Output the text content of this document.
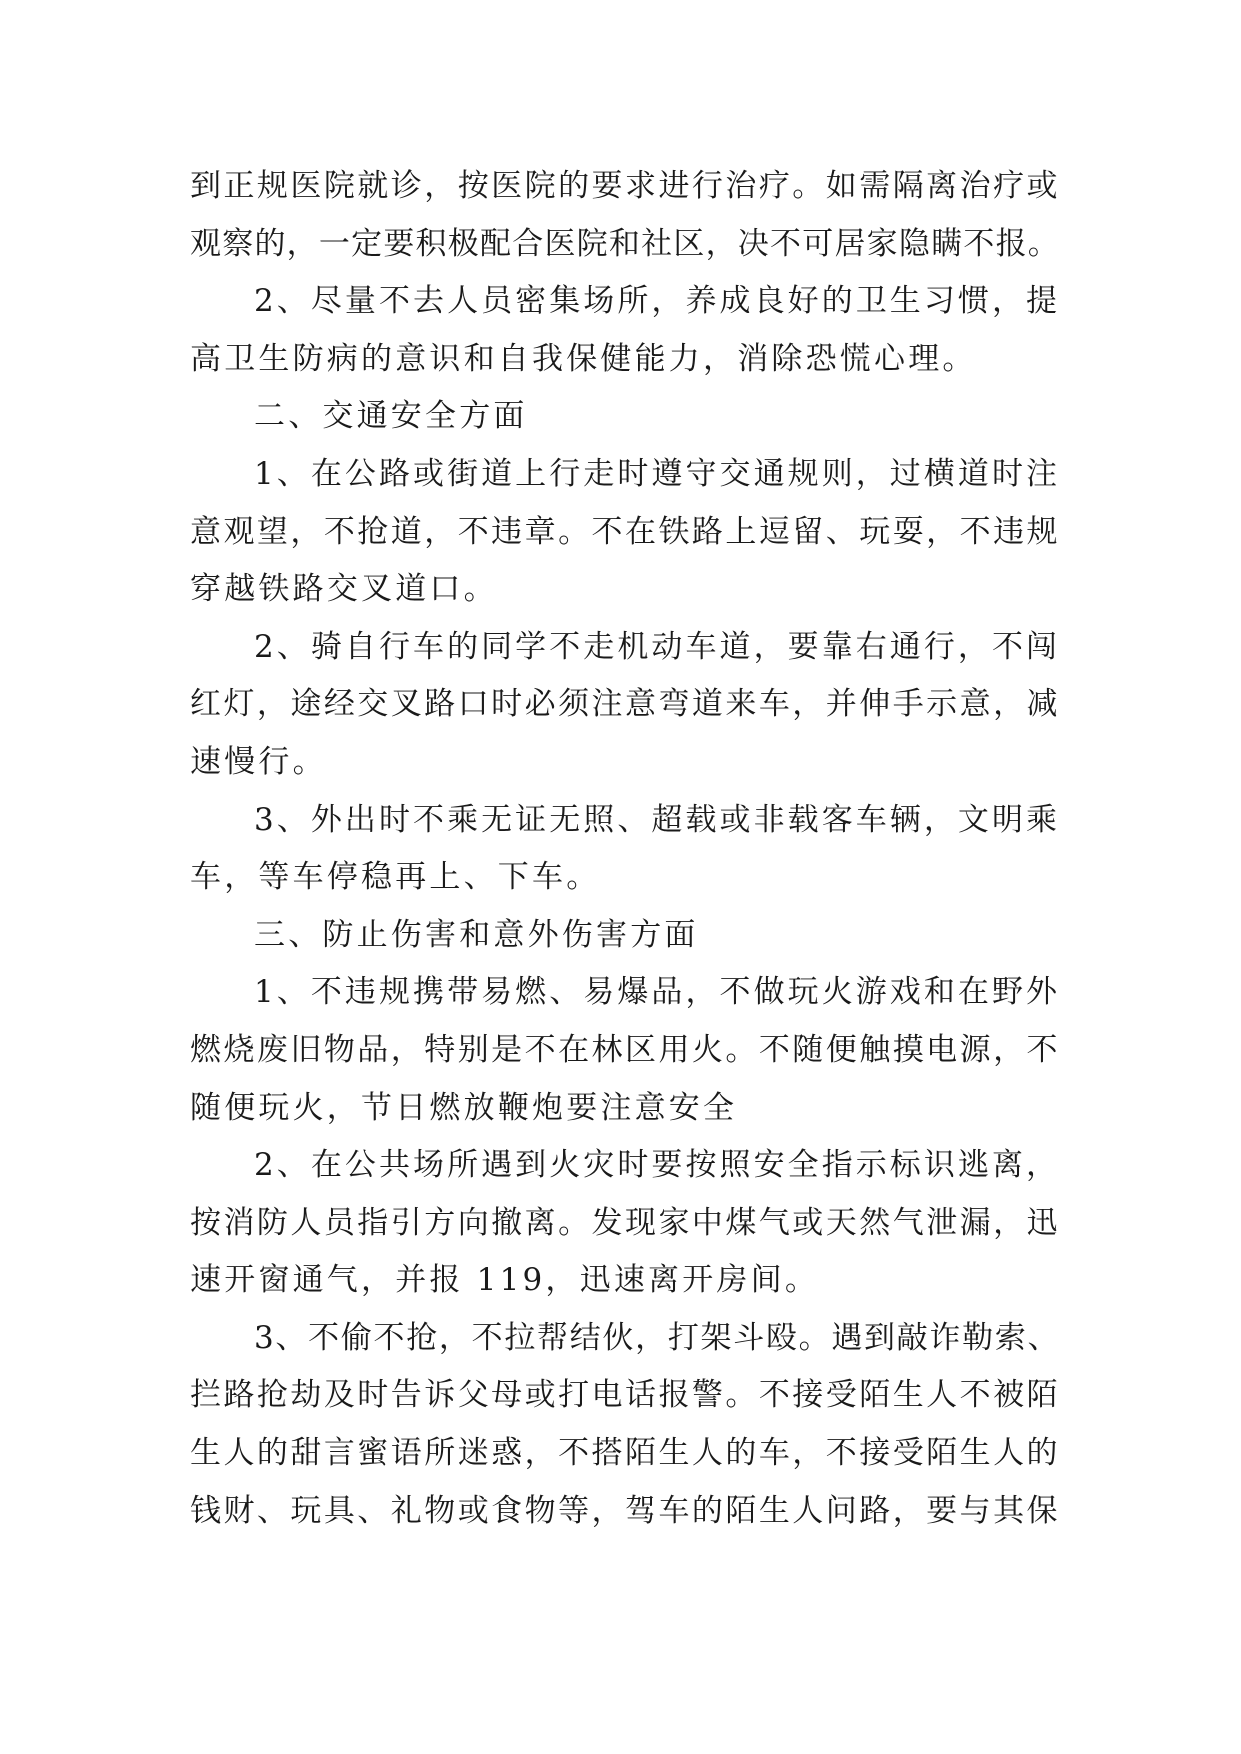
到正规医院就诊，按医院的要求进行治疗。如需隔离治疗或
观察的，一定要积极配合医院和社区，决不可居家隐瞒不报。
2、尽量不去人员密集场所，养成良好的卫生习惯，提
高卫生防病的意识和自我保健能力，消除恐慌心理。
二、交通安全方面
1、在公路或街道上行走时遵守交通规则，过横道时注
意观望，不抢道，不违章。不在铁路上逗留、玩耍，不违规
穿越铁路交叉道口。
2、骑自行车的同学不走机动车道，要靠右通行，不闯
红灯，途经交叉路口时必须注意弯道来车，并伸手示意，减
速慢行。
3、外出时不乘无证无照、超载或非载客车辆，文明乘
车，等车停稳再上、下车。
三、防止伤害和意外伤害方面
1、不违规携带易燃、易爆品，不做玩火游戏和在野外
燃烧废旧物品，特别是不在林区用火。不随便触摸电源，不
随便玩火，节日燃放鞭炮要注意安全
2、在公共场所遇到火灾时要按照安全指示标识逃离，
按消防人员指引方向撤离。发现家中煤气或天然气泄漏，迅
速开窗通气，并报 119，迅速离开房间。
3、不偷不抢，不拉帮结伙，打架斗殴。遇到敲诈勒索、
拦路抢劫及时告诉父母或打电话报警。不接受陌生人不被陌
生人的甜言蜜语所迷惑，不搭陌生人的车，不接受陌生人的
钱财、玩具、礼物或食物等，驾车的陌生人问路，要与其保
